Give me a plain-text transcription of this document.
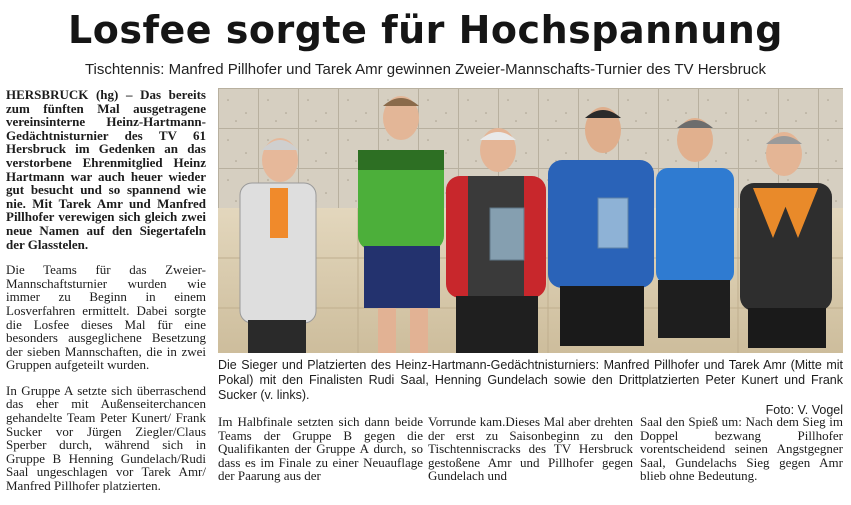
Losfee sorgte für Hochspannung
Tischtennis: Manfred Pillhofer und Tarek Amr gewinnen Zweier-Mannschafts-Turnier des TV Hersbruck

HERSBRUCK (hg) – Das bereits zum fünften Mal ausgetragene vereinsinterne Heinz-Hartmann-Gedächtnisturnier des TV 61 Hersbruck im Gedenken an das verstorbene Ehrenmitglied Heinz Hartmann war auch heuer wieder gut besucht und so spannend wie nie. Mit Tarek Amr und Manfred Pillhofer verewigen sich gleich zwei neue Namen auf den Siegertafeln der Glasstelen.

Die Teams für das Zweier-Mannschaftsturnier wurden wie immer zu Beginn in einem Losverfahren ermittelt. Dabei sorgte die Losfee dieses Mal für eine besonders ausgeglichene Besetzung der sieben Mannschaften, die in zwei Gruppen aufgeteilt wurden.

In Gruppe A setzte sich überraschend das eher mit Außenseiterchancen gehandelte Team Peter Kunert/ Frank Sucker vor Jürgen Ziegler/Claus Sperber durch, während sich in Gruppe B Henning Gundelach/Rudi Saal ungeschlagen vor Tarek Amr/ Manfred Pillhofer platzierten.

Die Sieger und Platzierten des Heinz-Hartmann-Gedächtnisturniers: Manfred Pillhofer und Tarek Amr (Mitte mit Pokal) mit den Finalisten Rudi Saal, Henning Gundelach sowie den Drittplatzierten Peter Kunert und Frank Sucker (v. links).
Foto: V. Vogel

Im Halbfinale setzten sich dann beide Teams der Gruppe B gegen die Qualifikanten der Gruppe A durch, so dass es im Finale zu einer Neuauflage der Paarung aus der

Vorrunde kam.Dieses Mal aber drehten der erst zu Saisonbeginn zu den Tischtenniscracks des TV Hersbruck gestoßene Amr und Pillhofer gegen Gundelach und

Saal den Spieß um: Nach dem Sieg im Doppel bezwang Pillhofer vorentscheidend seinen Angstgegner Saal, Gundelachs Sieg gegen Amr blieb ohne Bedeutung.
